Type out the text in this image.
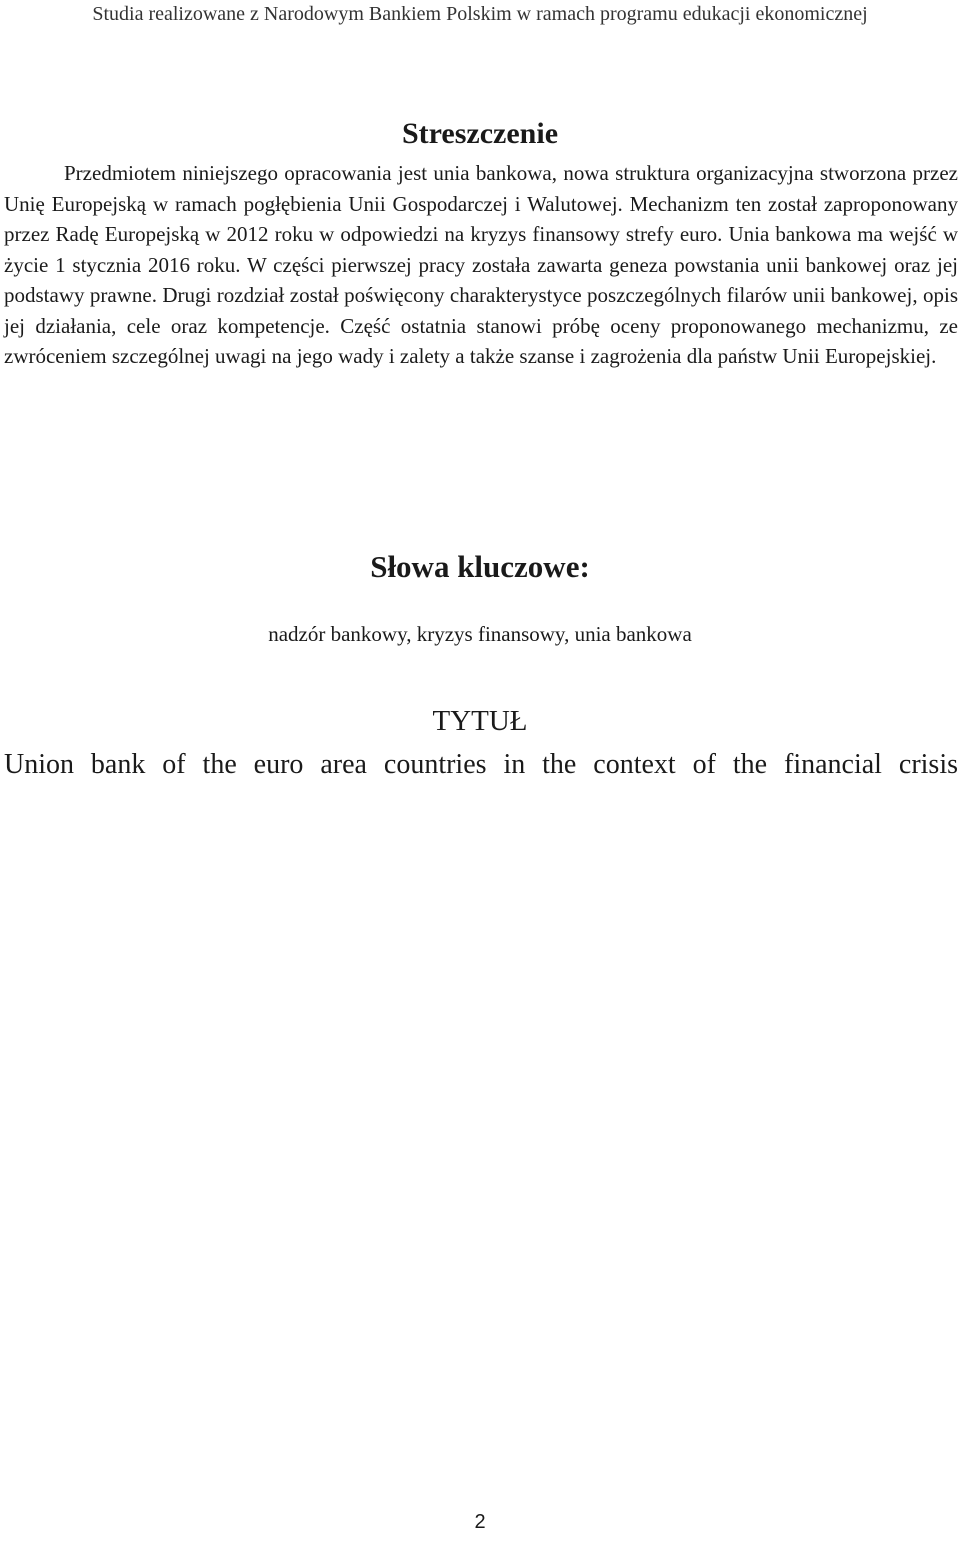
Studia realizowane z Narodowym Bankiem Polskim w ramach programu edukacji ekonomicznej
Streszczenie

Przedmiotem niniejszego opracowania jest unia bankowa, nowa struktura organizacyjna stworzona przez Unię Europejską w ramach pogłębienia Unii Gospodarczej i Walutowej. Mechanizm ten został zaproponowany przez Radę Europejską w 2012 roku w odpowiedzi na kryzys finansowy strefy euro. Unia bankowa ma wejść w życie 1 stycznia 2016 roku. W części pierwszej pracy została zawarta geneza powstania unii bankowej oraz jej podstawy prawne. Drugi rozdział został poświęcony charakterystyce poszczególnych filarów unii bankowej, opis jej działania, cele oraz kompetencje. Część ostatnia stanowi próbę oceny proponowanego mechanizmu, ze zwróceniem szczególnej uwagi na jego wady i zalety a także szanse i zagrożenia dla państw Unii Europejskiej.

Słowa kluczowe:
nadzór bankowy, kryzys finansowy, unia bankowa
TYTUŁ
Union bank of the euro area countries in the context of the financial crisis
2
